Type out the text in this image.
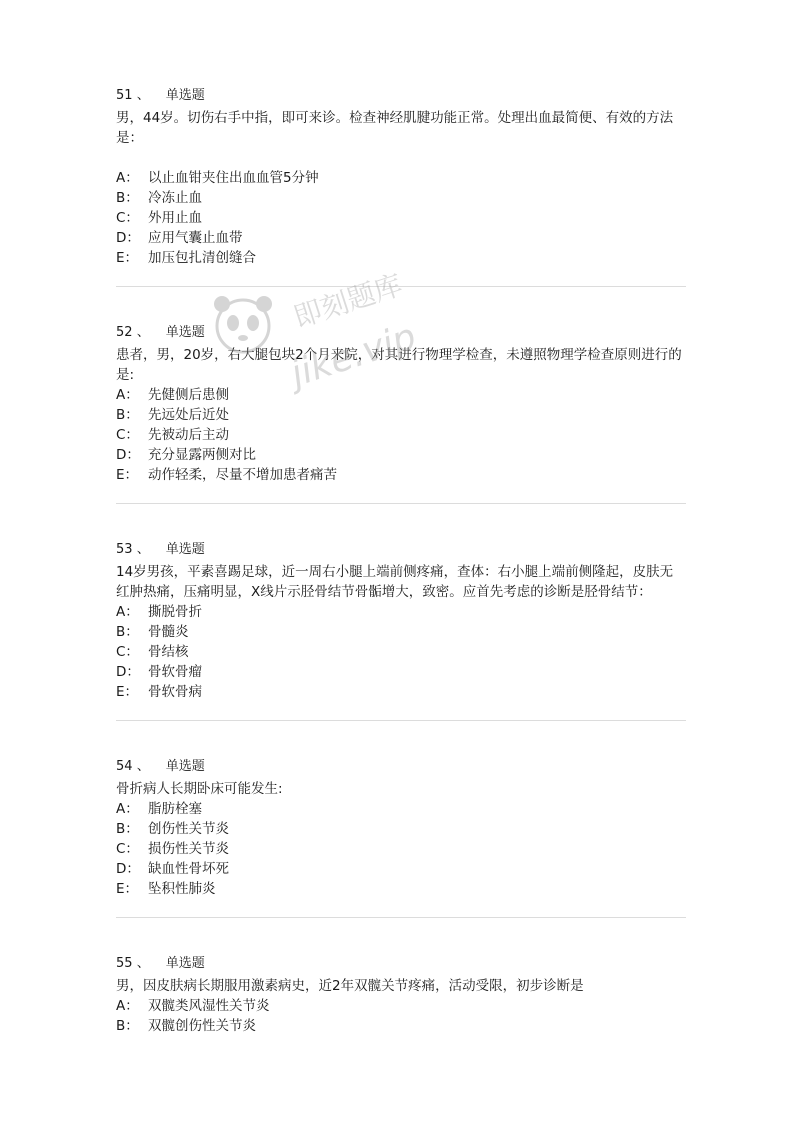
51 、 单选题

男，44岁。切伤右手中指，即可来诊。检查神经肌腱功能正常。处理出血最简便、有效的方法是：

A： 以止血钳夹住出血血管5分钟
B： 冷冻止血
C： 外用止血
D： 应用气囊止血带
E： 加压包扎清创缝合
52 、 单选题

患者，男，20岁，右大腿包块2个月来院，对其进行物理学检查，未遵照物理学检查原则进行的是:

A： 先健侧后患侧
B： 先远处后近处
C： 先被动后主动
D： 充分显露两侧对比
E： 动作轻柔，尽量不增加患者痛苦
53 、 单选题

14岁男孩，平素喜踢足球，近一周右小腿上端前侧疼痛，查体：右小腿上端前侧隆起，皮肤无红肿热痛，压痛明显，X线片示胫骨结节骨骺增大，致密。应首先考虑的诊断是胫骨结节：

A： 撕脱骨折
B： 骨髓炎
C： 骨结核
D： 骨软骨瘤
E： 骨软骨病
54 、 单选题

骨折病人长期卧床可能发生:

A： 脂肪栓塞
B： 创伤性关节炎
C： 损伤性关节炎
D： 缺血性骨坏死
E： 坠积性肺炎
55 、 单选题

男，因皮肤病长期服用激素病史，近2年双髋关节疼痛，活动受限，初步诊断是

A： 双髋类风湿性关节炎
B： 双髋创伤性关节炎
即刻题库
jike.vip
